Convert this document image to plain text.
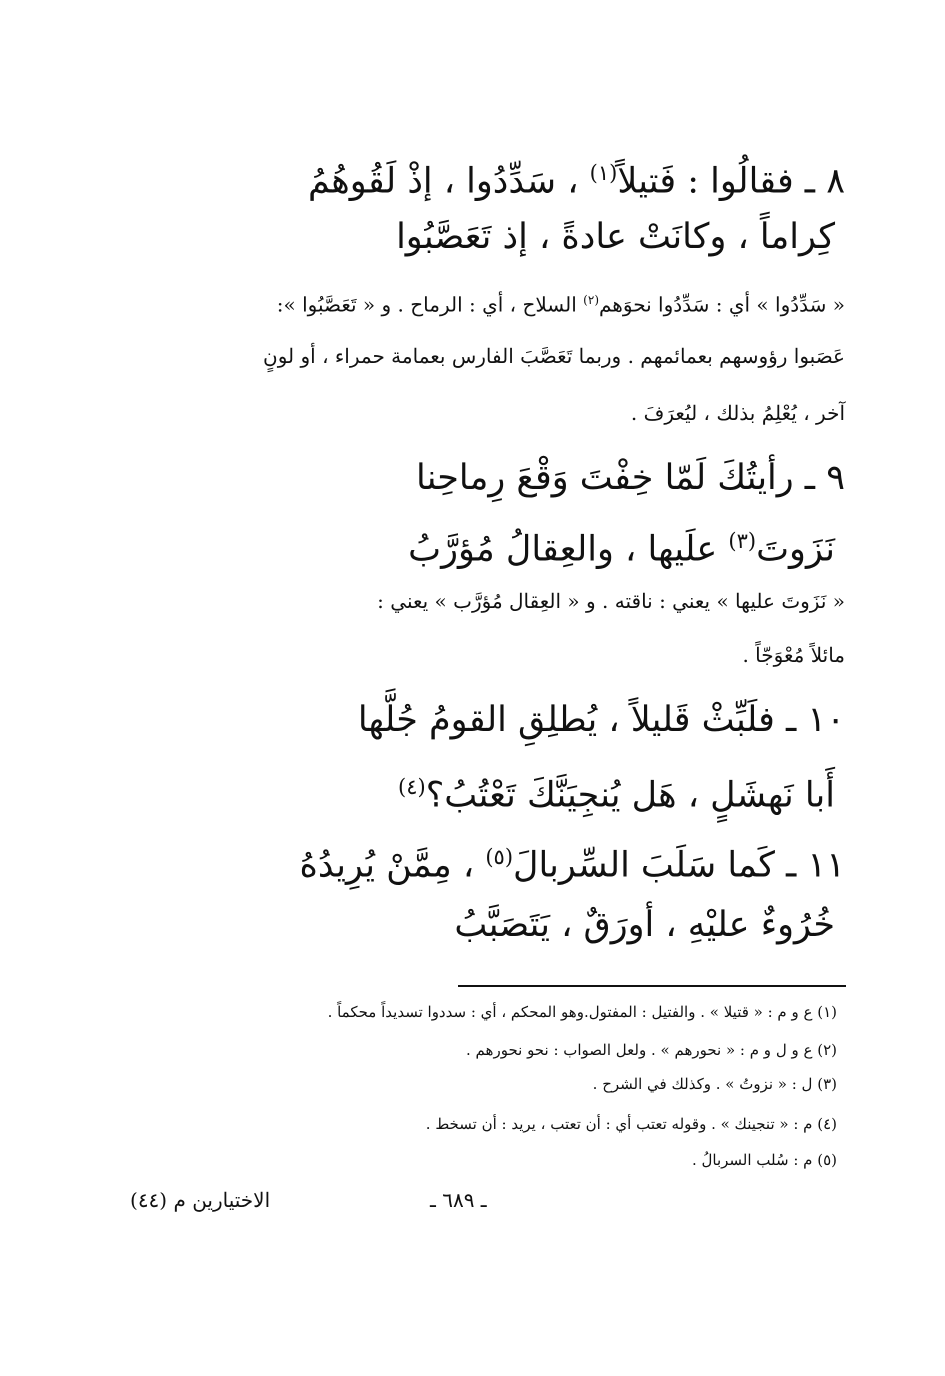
٨ ـ فقالُوا : فَتيلاً$^{(١)}$ ، سَدِّدُوا ، إذْ لَقُوهُمُ
كِراماً ، وكانَتْ عادةً ، إذ تَعَصَّبُوا
« سَدِّدُوا » أي : سَدِّدُوا نحوَهم$^{(٢)}$ السلاح ، أي : الرماح . و « تَعَصَّبُوا »:
عَصَبوا رؤوسهم بعمائمهم . وربما تَعَصَّبَ الفارس بعمامة حمراء ، أو لونٍ
آخر ، يُعْلِمُ بذلك ، ليُعرَفَ .
٩ ـ رأيتُكَ لَمّا خِفْتَ وَقْعَ رِماحِنا
نَزَوتَ$^{(٣)}$ علَيها ، والعِقالُ مُؤرَّبُ
« نَزَوتَ عليها » يعني : ناقته . و « العِقال مُؤرَّب » يعني :
مائلاً مُعْوَجّاً .
١٠ ـ فلَبِّثْ قَليلاً ، يُطلِقِ القومُ جُلَّها
أَبا نَهشَلٍ ، هَل يُنجِيَنَّكَ تَعْتُبُ؟$^{(٤)}$
١١ ـ كَما سَلَبَ السِّربالَ$^{(٥)}$ ، مِمَّنْ يُرِيدُهُ
خُرُوءٌ عليْهِ ، أورَقٌ ، يَتَصَبَّبُ
(١) ع و م : « قتيلا » . والفتيل : المفتول.وهو المحكم ، أي : سددوا تسديداً محكماً .
(٢) ع و ل و م : « نحورهم » . ولعل الصواب : نحو نحورهم .
(٣) ل : « نزوتُ » . وكذلك في الشرح .
(٤) م : « تنجينك » . وقوله تعتب أي : أن تعتب ، يريد : أن تسخط .
(٥) م : سُلب السربالُ .
ـ ٦٨٩ ـ
الاختيارين م (٤٤)
